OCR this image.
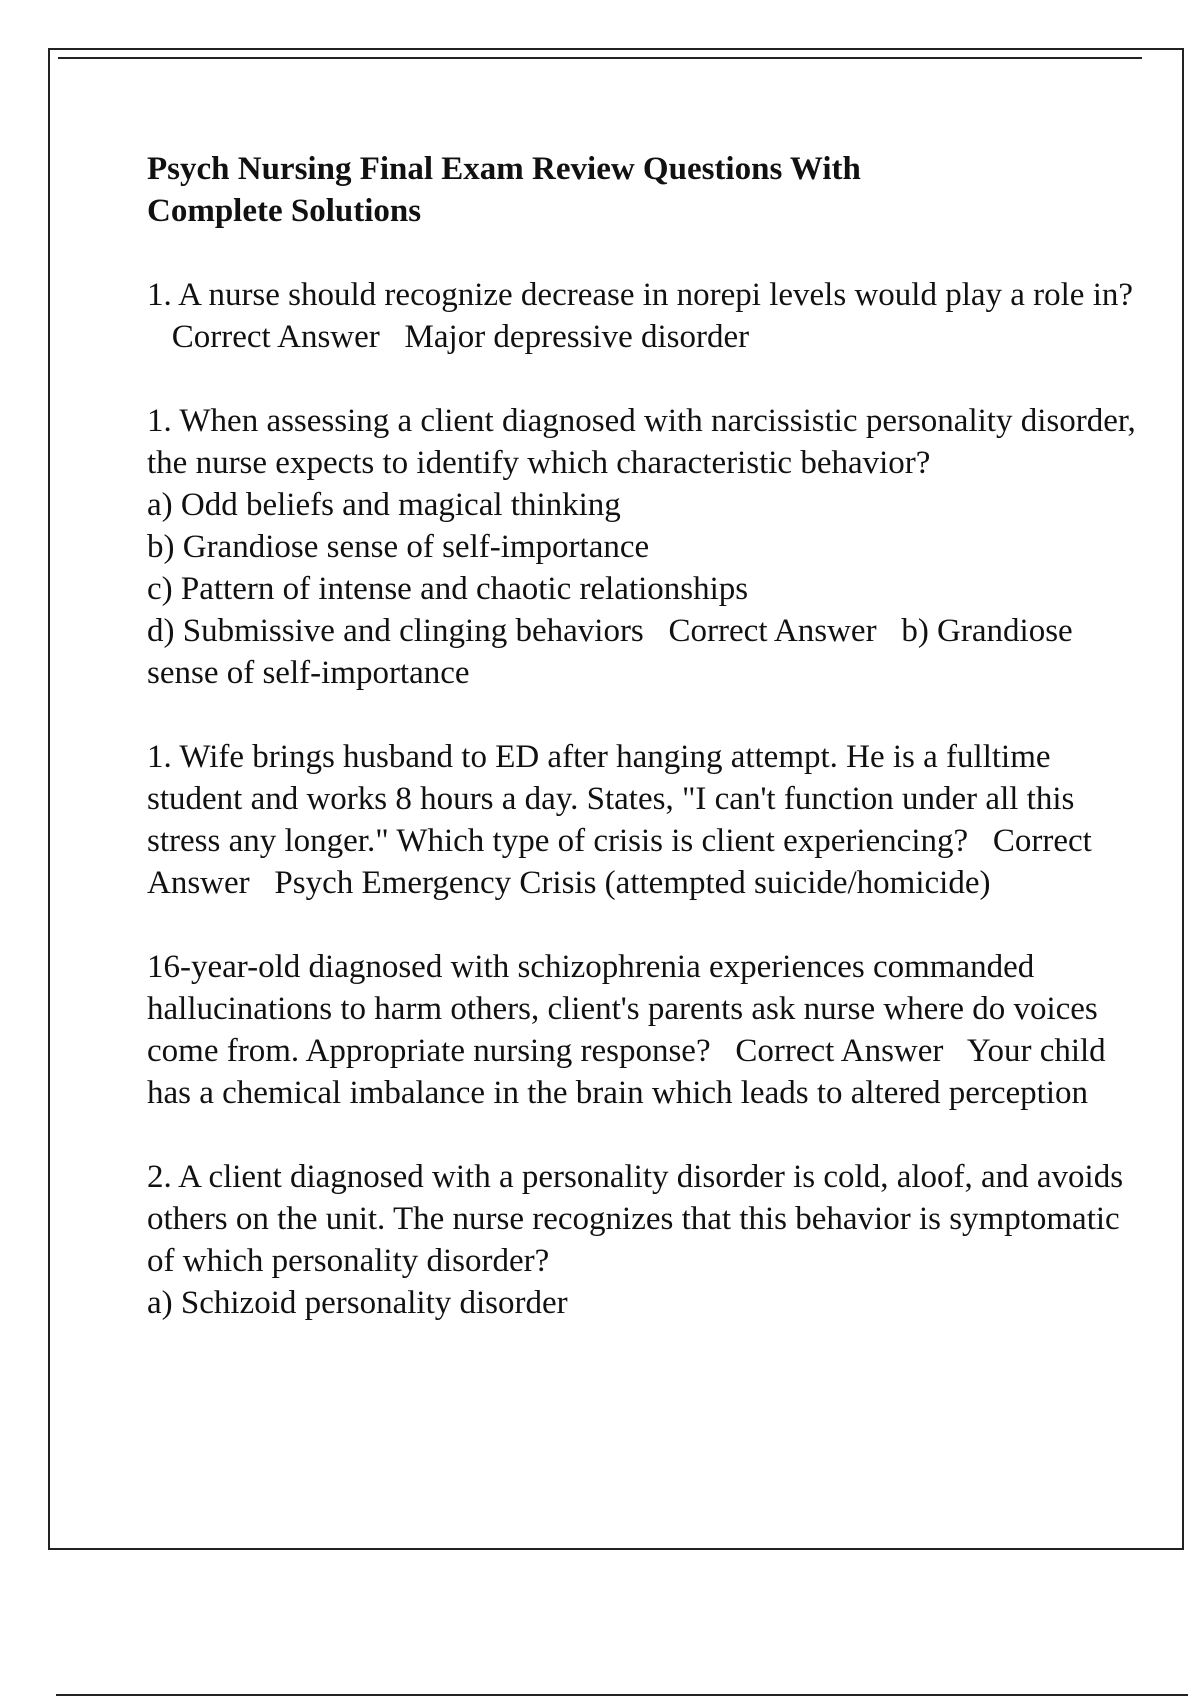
Psych Nursing Final Exam Review Questions With Complete Solutions
1. A nurse should recognize decrease in norepi levels would play a role in?   Correct Answer Major depressive disorder

1. When assessing a client diagnosed with narcissistic personality disorder, the nurse expects to identify which characteristic behavior?

a) Odd beliefs and magical thinking

b) Grandiose sense of self-importance

c) Pattern of intense and chaotic relationships

d) Submissive and clinging behaviors Correct Answer b) Grandiose sense of self-importance

1. Wife brings husband to ED after hanging attempt. He is a fulltime student and works 8 hours a day. States, "I can't function under all this stress any longer." Which type of crisis is client experiencing? Correct Answer Psych Emergency Crisis (attempted suicide/homicide)
16-year-old diagnosed with schizophrenia experiences commanded hallucinations to harm others, client's parents ask nurse where do voices come from. Appropriate nursing response? Correct Answer Your child has a chemical imbalance in the brain which leads to altered perception

2. A client diagnosed with a personality disorder is cold, aloof, and avoids others on the unit. The nurse recognizes that this behavior is symptomatic of which personality disorder?

a) Schizoid personality disorder
